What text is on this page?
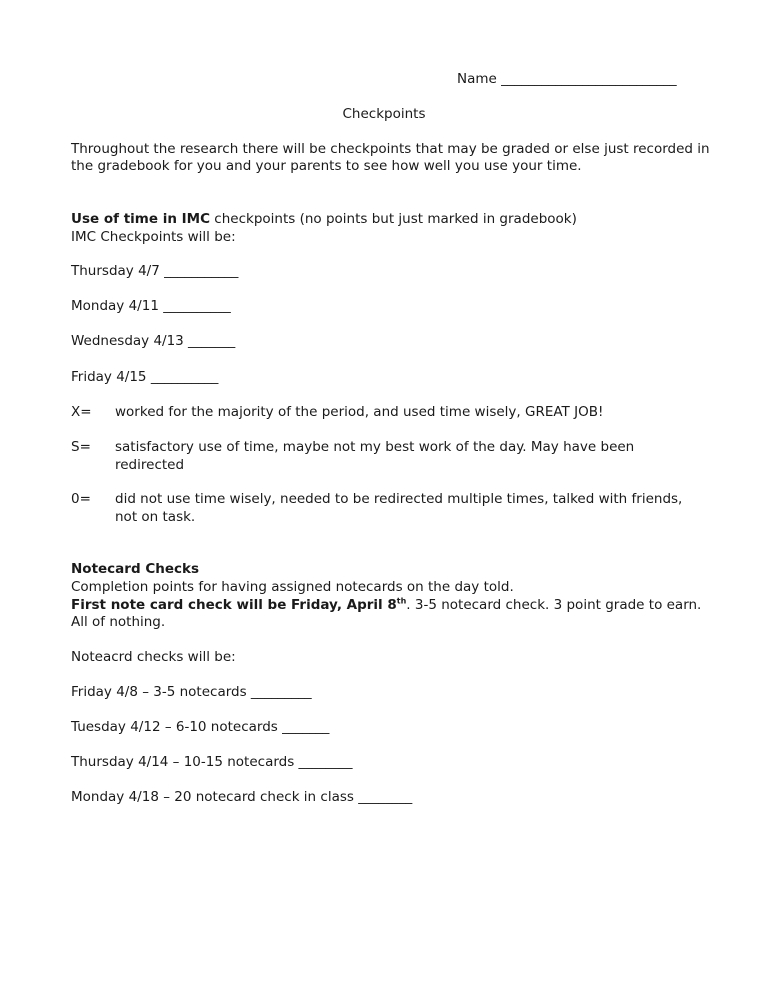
Name __________________________
Checkpoints
Throughout the research there will be checkpoints that may be graded or else just recorded in the gradebook for you and your parents to see how well you use your time.
Use of time in IMC checkpoints (no points but just marked in gradebook)
IMC Checkpoints will be:
Thursday 4/7 ___________
Monday 4/11 __________
Wednesday 4/13 _______
Friday 4/15 __________
X= worked for the majority of the period, and used time wisely, GREAT JOB!
S= satisfactory use of time, maybe not my best work of the day. May have been redirected
0= did not use time wisely, needed to be redirected multiple times, talked with friends, not on task.
Notecard Checks
Completion points for having assigned notecards on the day told.
First note card check will be Friday, April 8th. 3-5 notecard check. 3 point grade to earn.
All of nothing.
Noteacrd checks will be:
Friday 4/8 – 3-5 notecards _________
Tuesday 4/12 – 6-10 notecards _______
Thursday 4/14 – 10-15 notecards ________
Monday 4/18 – 20 notecard check in class ________
